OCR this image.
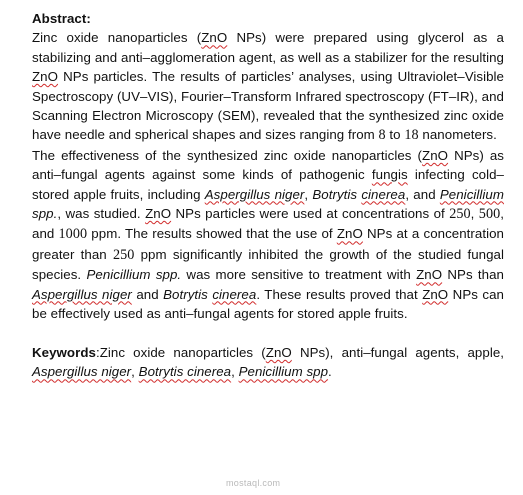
Abstract:

Zinc oxide nanoparticles (ZnO NPs) were prepared using glycerol as a stabilizing and anti–agglomeration agent, as well as a stabilizer for the resulting ZnO NPs particles. The results of particles’ analyses, using Ultraviolet–Visible Spectroscopy (UV–VIS), Fourier–Transform Infrared spectroscopy (FT–IR), and Scanning Electron Microscopy (SEM), revealed that the synthesized zinc oxide have needle and spherical shapes and sizes ranging from 8 to 18 nanometers.

The effectiveness of the synthesized zinc oxide nanoparticles (ZnO NPs) as anti–fungal agents against some kinds of pathogenic fungis infecting cold–stored apple fruits, including Aspergillus niger, Botrytis cinerea, and Penicillium spp., was studied. ZnO NPs particles were used at concentrations of 250, 500, and 1000 ppm. The results showed that the use of ZnO NPs at a concentration greater than 250 ppm significantly inhibited the growth of the studied fungal species. Penicillium spp. was more sensitive to treatment with ZnO NPs than Aspergillus niger and Botrytis cinerea. These results proved that ZnO NPs can be effectively used as anti–fungal agents for stored apple fruits.

Keywords:Zinc oxide nanoparticles (ZnO NPs), anti–fungal agents, apple, Aspergillus niger, Botrytis cinerea, Penicillium spp.

mostaql.com
